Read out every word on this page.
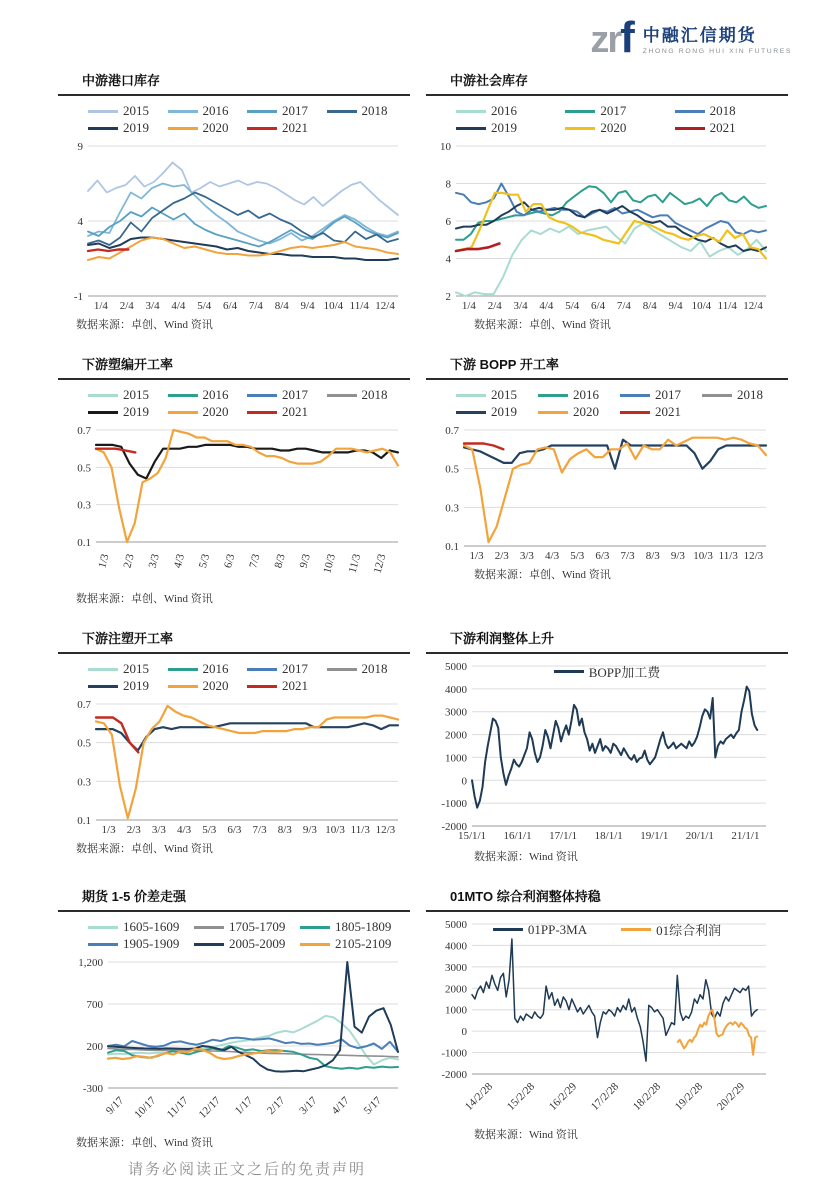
zrf 中融汇信期货
ZHONG RONG HUI XIN FUTURES
中游港口库存
2015	2016	2017	2018
2019	2020	2021
9
4
-1
1/4 2/4 3/4 4/4 5/4 6/4 7/4 8/4 9/4 10/4 11/4 12/4

数据来源：卓创、Wind 资讯

中游社会库存
2016	2017	2018
2019	2020	2021
10
8
6
4
2
1/4 2/4 3/4 4/4 5/4 6/4 7/4 8/4 9/4 10/4 11/4 12/4

数据来源：卓创、Wind 资讯

下游塑编开工率
2015	2016	2017	2018
2019	2020	2021
0.7
0.5
0.3
0.1
1/3 2/3 3/3 4/3 5/3 6/3 7/3 8/3 9/3 10/3 11/3 12/3

数据来源：卓创、Wind 资讯

下游 BOPP 开工率
2015	2016	2017	2018
2019	2020	2021
0.7
0.5
0.3
0.1
1/3 2/3 3/3 4/3 5/3 6/3 7/3 8/3 9/3 10/3 11/3 12/3

数据来源：卓创、Wind 资讯

下游注塑开工率
2015	2016	2017	2018
2019	2020	2021
0.7
0.5
0.3
0.1
1/3 2/3 3/3 4/3 5/3 6/3 7/3 8/3 9/3 10/3 11/3 12/3

数据来源：卓创、Wind 资讯

下游利润整体上升
BOPP加工费
5000
4000
3000
2000
1000
0
-1000
-2000
15/1/1 16/1/1 17/1/1 18/1/1 19/1/1 20/1/1 21/1/1

数据来源：Wind 资讯

期货 1-5 价差走强
1605-1609	1705-1709	1805-1809
1905-1909	2005-2009	2105-2109
1,200
700
200
-300
9/17 10/17 11/17 12/17 1/17 2/17 3/17 4/17 5/17

数据来源：卓创、Wind 资讯

01MTO 综合利润整体持稳
01PP-3MA	01综合利润
5000
4000
3000
2000
1000
0
-1000
-2000
14/2/28 15/2/28 16/2/29 17/2/28 18/2/28 19/2/28 20/2/29

数据来源：Wind 资讯

请务必阅读正文之后的免责声明
